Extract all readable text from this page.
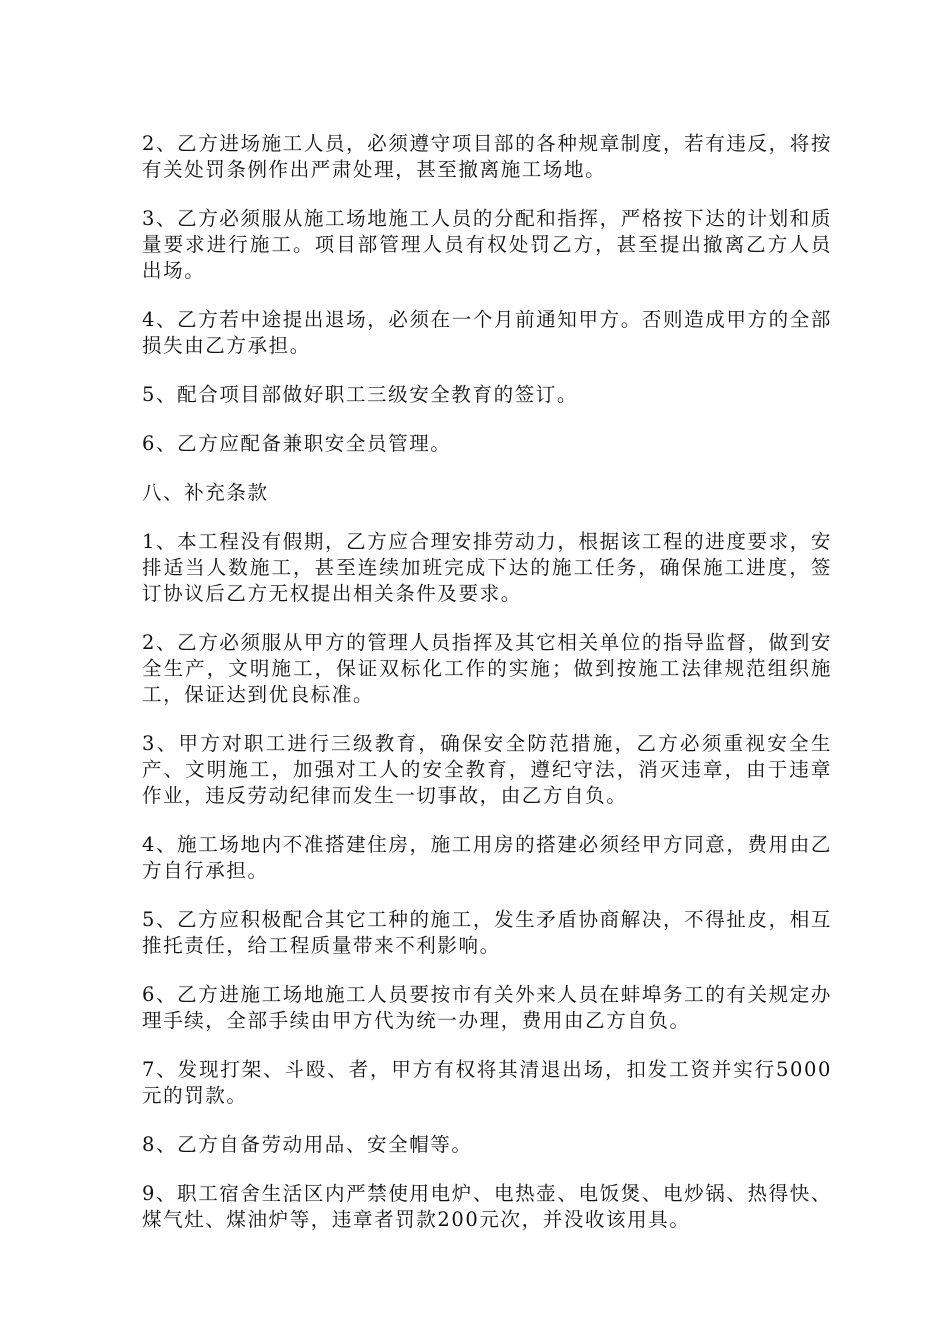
2、乙方进场施工人员，必须遵守项目部的各种规章制度，若有违反，将按有关处罚条例作出严肃处理，甚至撤离施工场地。

3、乙方必须服从施工场地施工人员的分配和指挥，严格按下达的计划和质量要求进行施工。项目部管理人员有权处罚乙方，甚至提出撤离乙方人员出场。

4、乙方若中途提出退场，必须在一个月前通知甲方。否则造成甲方的全部损失由乙方承担。

5、配合项目部做好职工三级安全教育的签订。

6、乙方应配备兼职安全员管理。

八、补充条款

1、本工程没有假期，乙方应合理安排劳动力，根据该工程的进度要求，安排适当人数施工，甚至连续加班完成下达的施工任务，确保施工进度，签订协议后乙方无权提出相关条件及要求。

2、乙方必须服从甲方的管理人员指挥及其它相关单位的指导监督，做到安全生产，文明施工，保证双标化工作的实施；做到按施工法律规范组织施工，保证达到优良标准。

3、甲方对职工进行三级教育，确保安全防范措施，乙方必须重视安全生产、文明施工，加强对工人的安全教育，遵纪守法，消灭违章，由于违章作业，违反劳动纪律而发生一切事故，由乙方自负。

4、施工场地内不准搭建住房，施工用房的搭建必须经甲方同意，费用由乙方自行承担。

5、乙方应积极配合其它工种的施工，发生矛盾协商解决，不得扯皮，相互推托责任，给工程质量带来不利影响。

6、乙方进施工场地施工人员要按市有关外来人员在蚌埠务工的有关规定办理手续，全部手续由甲方代为统一办理，费用由乙方自负。

7、发现打架、斗殴、者，甲方有权将其清退出场，扣发工资并实行5000元的罚款。

8、乙方自备劳动用品、安全帽等。

9、职工宿舍生活区内严禁使用电炉、电热壶、电饭煲、电炒锅、热得快、煤气灶、煤油炉等，违章者罚款200元次，并没收该用具。
